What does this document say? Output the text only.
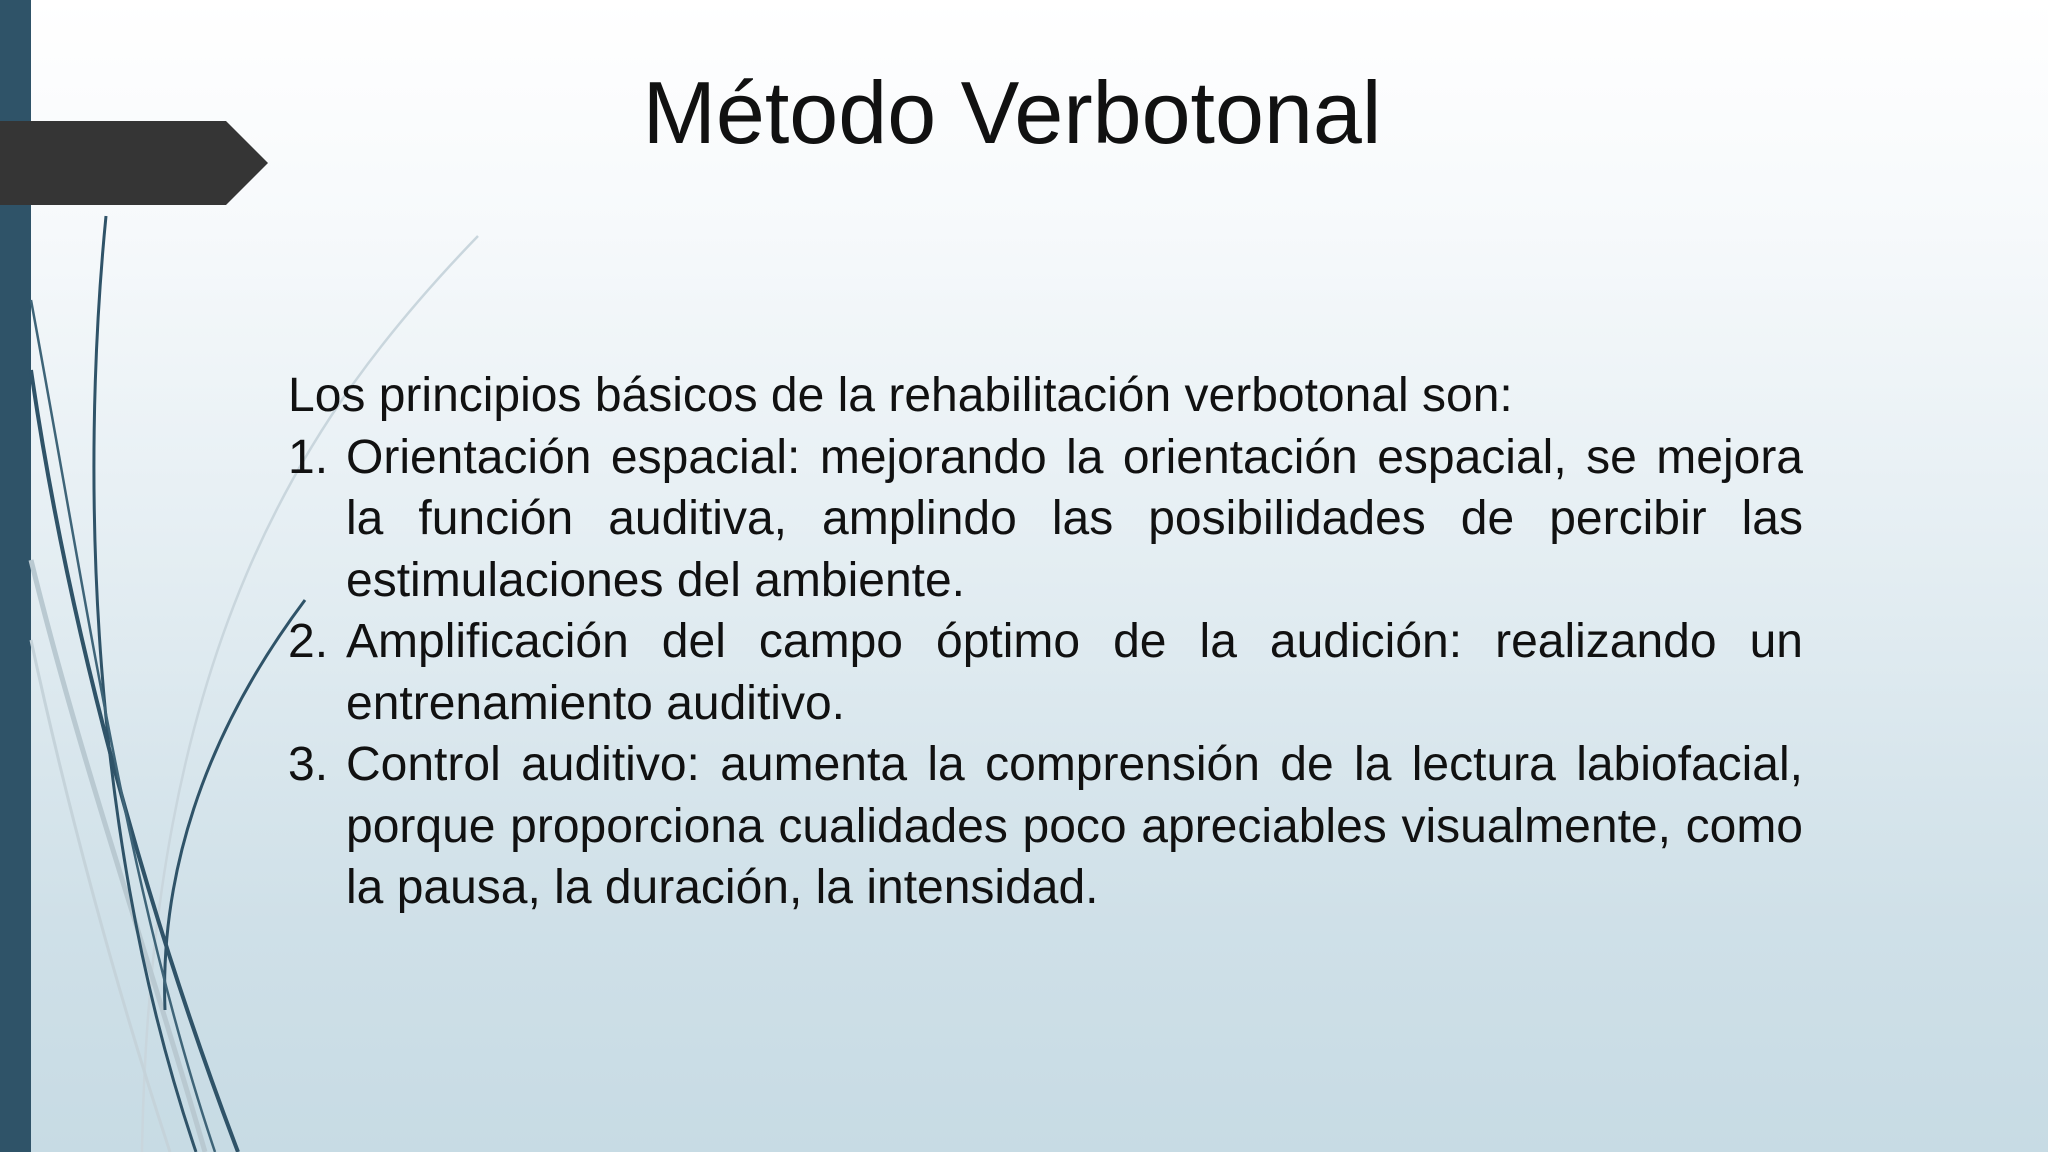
Método Verbotonal

Los principios básicos de la rehabilitación verbotonal son:

1. Orientación espacial: mejorando la orientación espacial, se mejora la función auditiva, amplindo las posibilidades de percibir las estimulaciones del ambiente.
2. Amplificación del campo óptimo de la audición: realizando un entrenamiento auditivo.
3. Control auditivo: aumenta la comprensión de la lectura labiofacial, porque proporciona cualidades poco apreciables visualmente, como la pausa, la duración, la intensidad.
